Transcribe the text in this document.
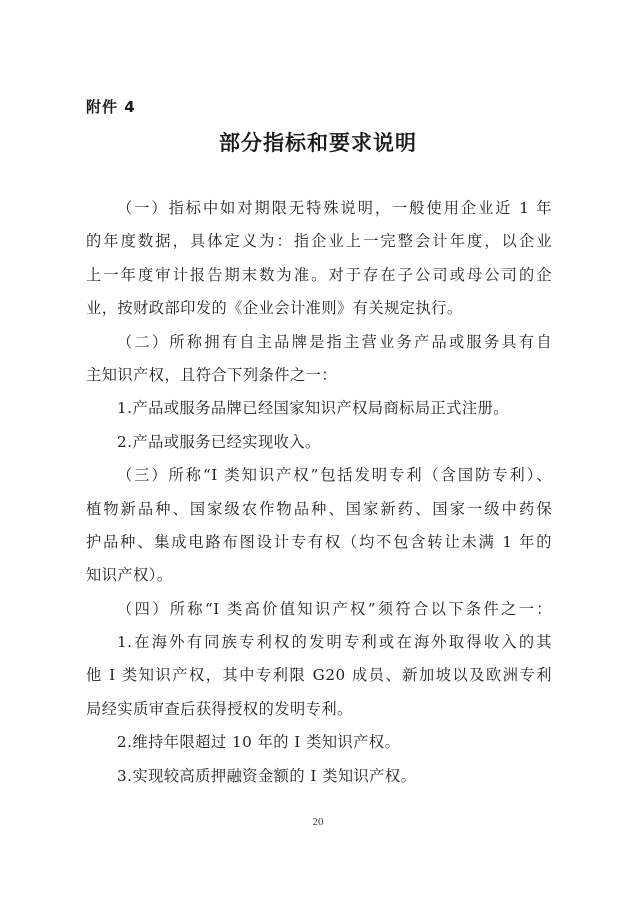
附件 4
部分指标和要求说明
（一）指标中如对期限无特殊说明，一般使用企业近 1 年
的年度数据，具体定义为：指企业上一完整会计年度，以企业
上一年度审计报告期末数为准。对于存在子公司或母公司的企
业，按财政部印发的《企业会计准则》有关规定执行。
（二）所称拥有自主品牌是指主营业务产品或服务具有自
主知识产权，且符合下列条件之一：
1.产品或服务品牌已经国家知识产权局商标局正式注册。
2.产品或服务已经实现收入。
（三）所称“I 类知识产权”包括发明专利（含国防专利）、
植物新品种、国家级农作物品种、国家新药、国家一级中药保
护品种、集成电路布图设计专有权（均不包含转让未满 1 年的
知识产权）。
（四）所称“I 类高价值知识产权”须符合以下条件之一：
1.在海外有同族专利权的发明专利或在海外取得收入的其
他 I 类知识产权，其中专利限 G20 成员、新加坡以及欧洲专利
局经实质审查后获得授权的发明专利。
2.维持年限超过 10 年的 I 类知识产权。
3.实现较高质押融资金额的 I 类知识产权。
20
